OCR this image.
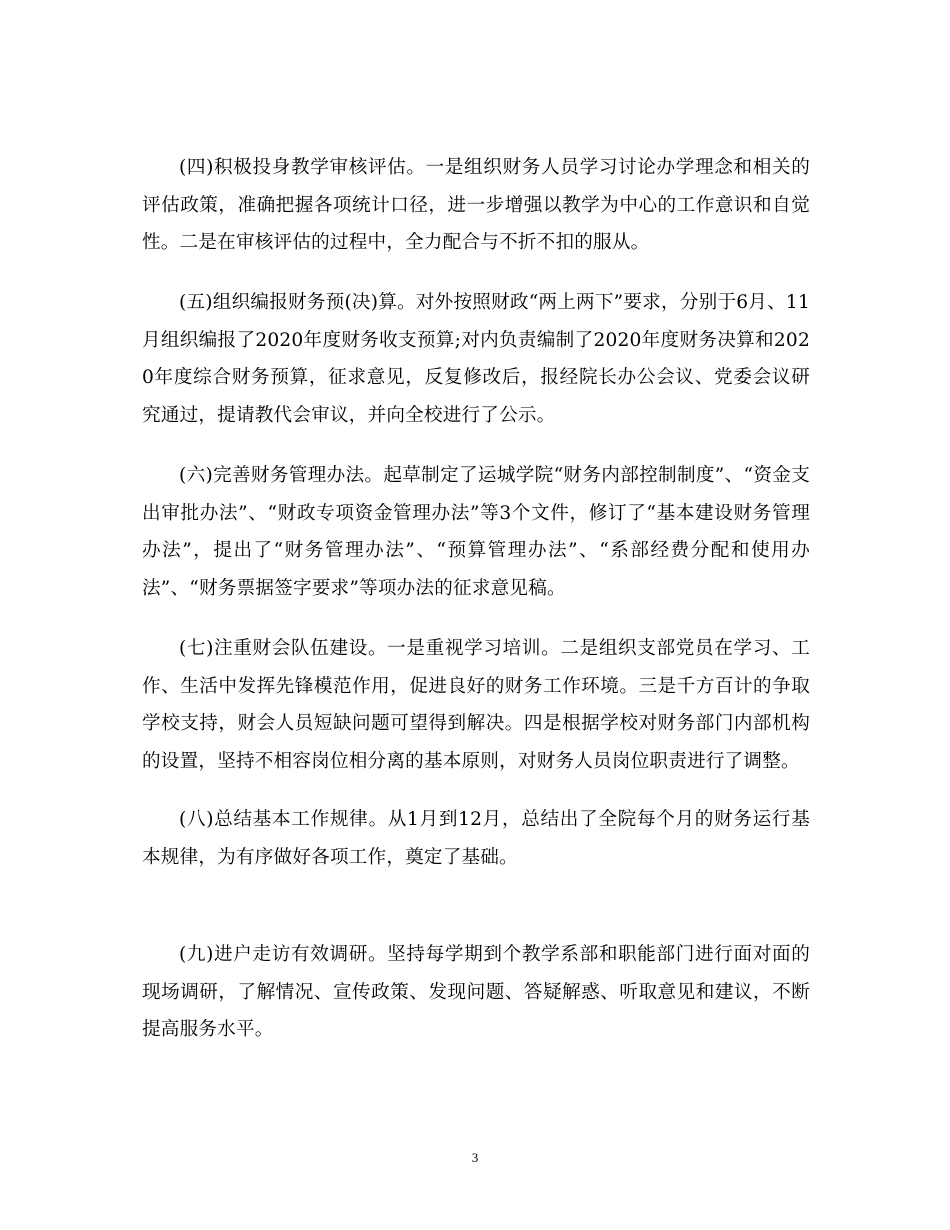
(四)积极投身教学审核评估。一是组织财务人员学习讨论办学理念和相关的评估政策，准确把握各项统计口径，进一步增强以教学为中心的工作意识和自觉性。二是在审核评估的过程中，全力配合与不折不扣的服从。

(五)组织编报财务预(决)算。对外按照财政“两上两下”要求，分别于6月、11月组织编报了2020年度财务收支预算;对内负责编制了2020年度财务决算和2020年度综合财务预算，征求意见，反复修改后，报经院长办公会议、党委会议研究通过，提请教代会审议，并向全校进行了公示。

(六)完善财务管理办法。起草制定了运城学院“财务内部控制制度”、“资金支出审批办法”、“财政专项资金管理办法”等3个文件，修订了“基本建设财务管理办法”，提出了“财务管理办法”、“预算管理办法”、“系部经费分配和使用办法”、“财务票据签字要求”等项办法的征求意见稿。

(七)注重财会队伍建设。一是重视学习培训。二是组织支部党员在学习、工作、生活中发挥先锋模范作用，促进良好的财务工作环境。三是千方百计的争取学校支持，财会人员短缺问题可望得到解决。四是根据学校对财务部门内部机构的设置，坚持不相容岗位相分离的基本原则，对财务人员岗位职责进行了调整。

(八)总结基本工作规律。从1月到12月，总结出了全院每个月的财务运行基本规律，为有序做好各项工作，奠定了基础。

(九)进户走访有效调研。坚持每学期到个教学系部和职能部门进行面对面的现场调研，了解情况、宣传政策、发现问题、答疑解惑、听取意见和建议，不断提高服务水平。

3
